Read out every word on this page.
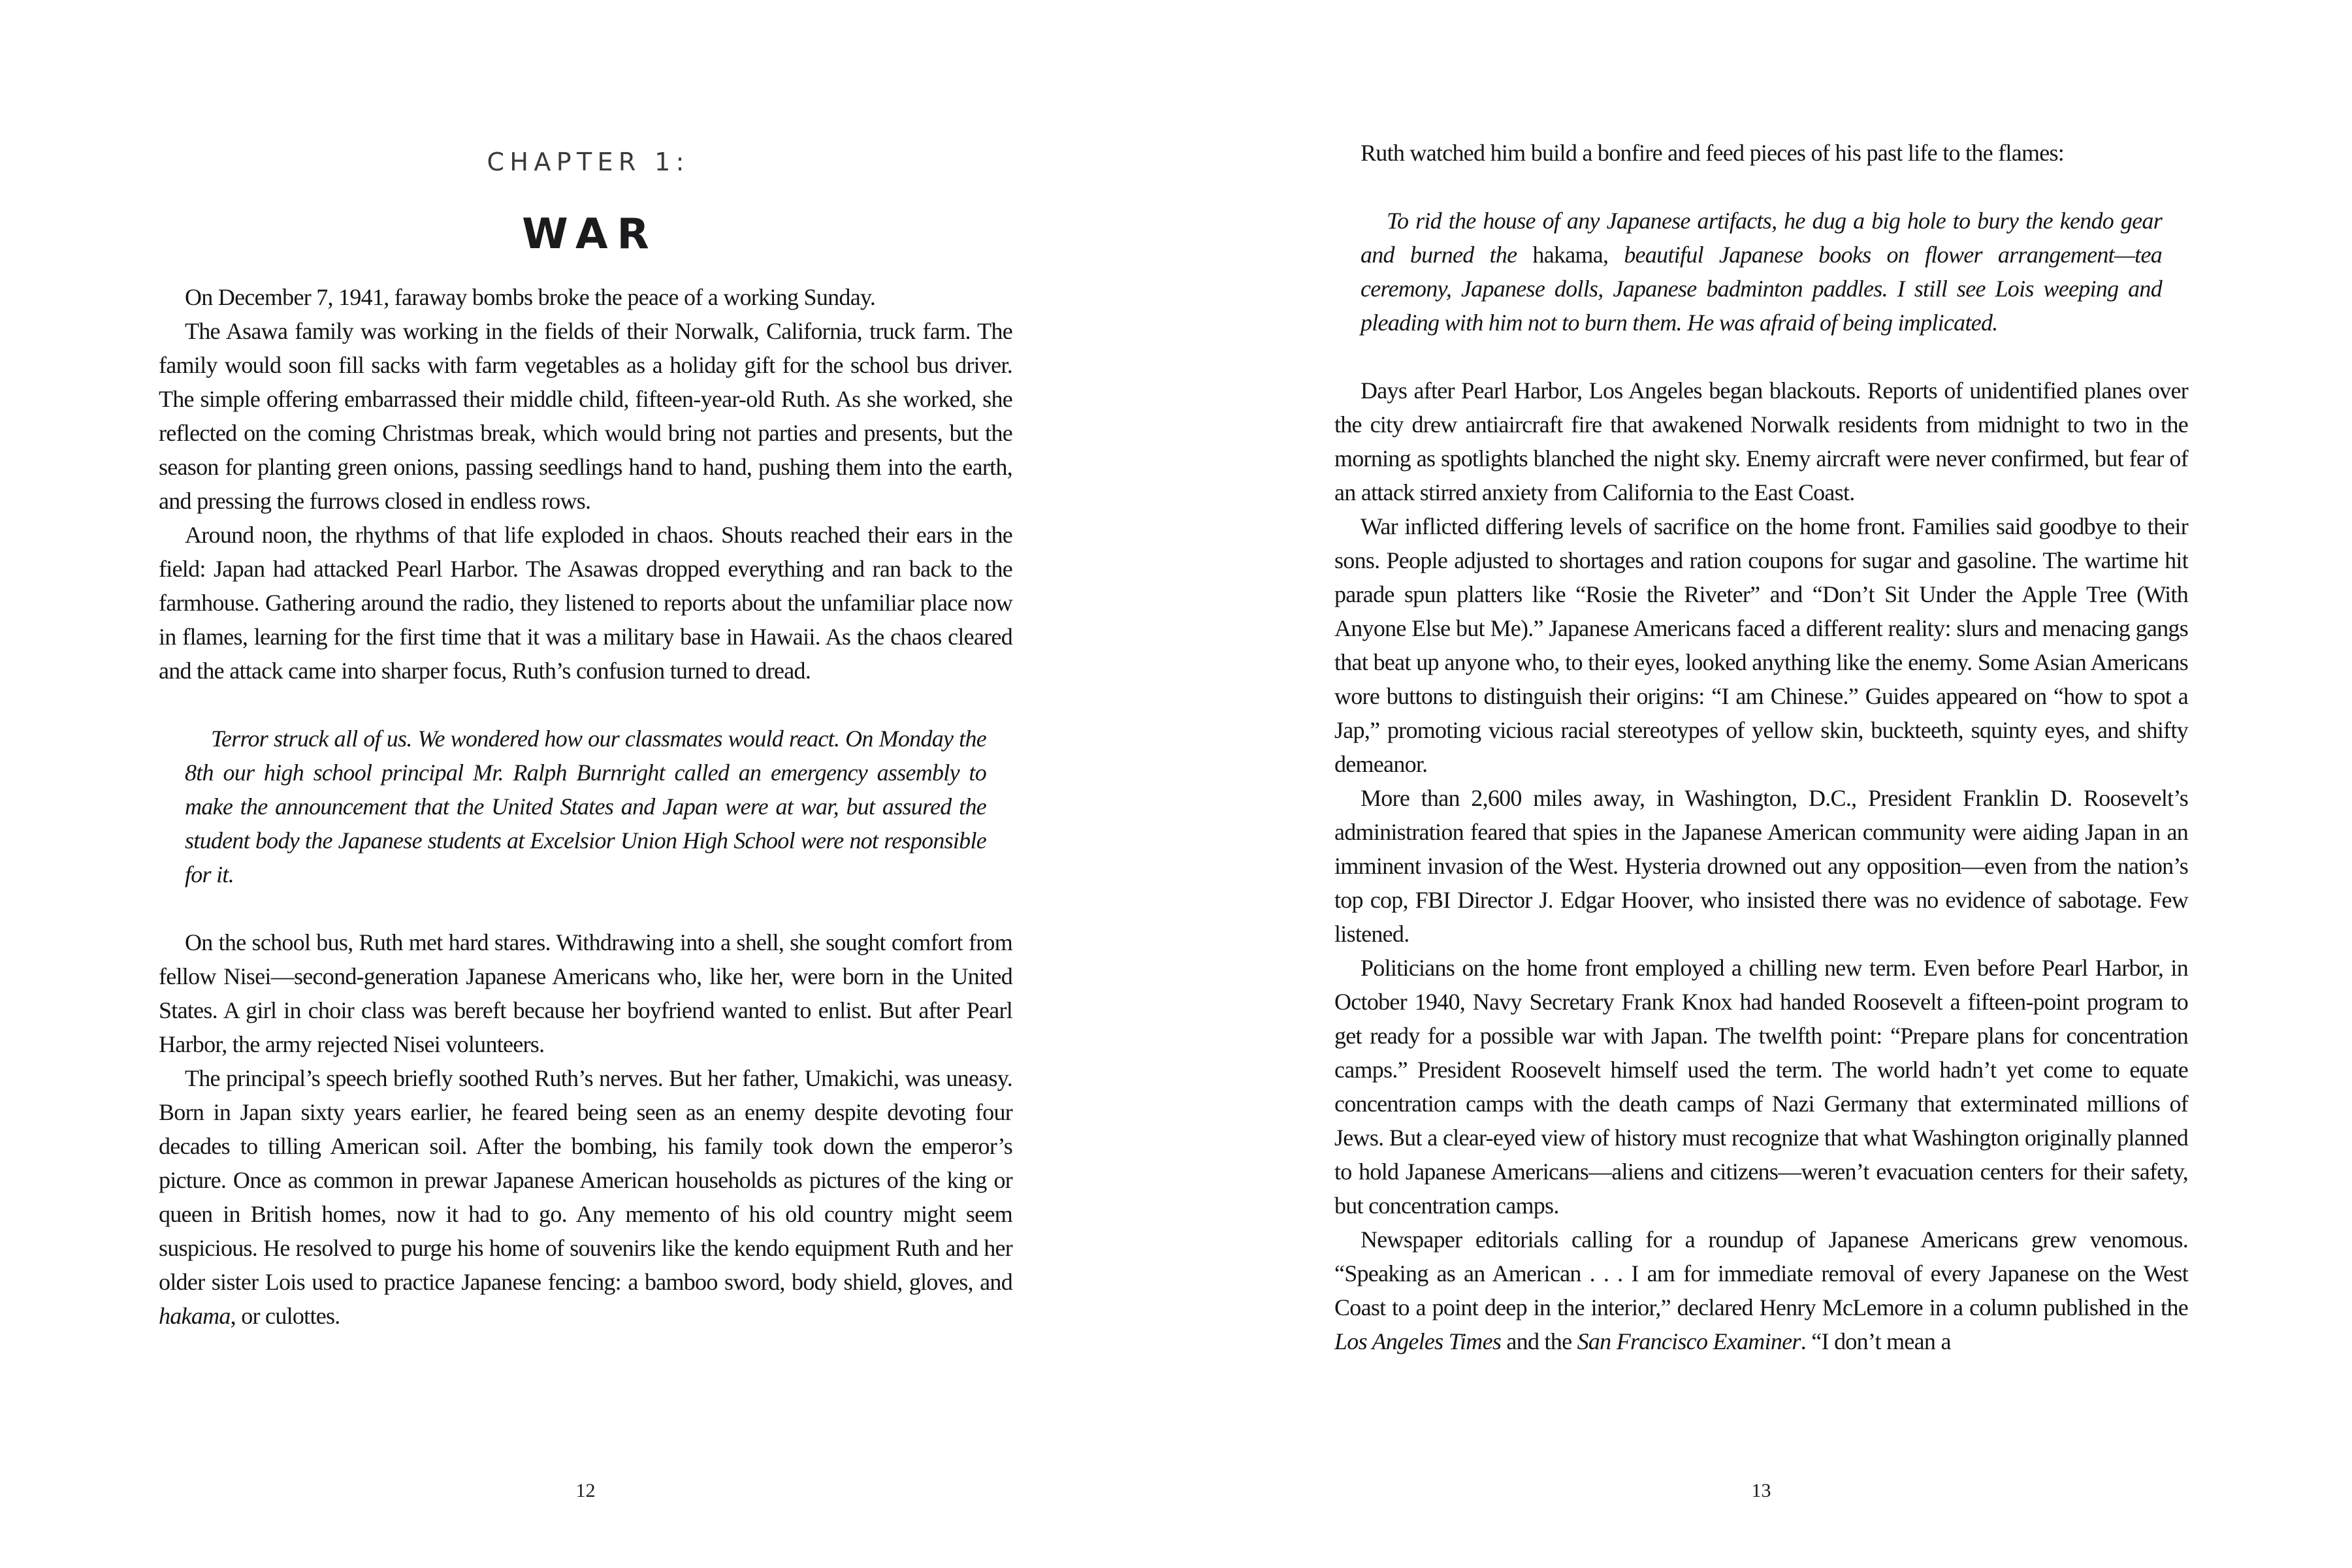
CHAPTER 1:
WAR

On December 7, 1941, faraway bombs broke the peace of a working Sunday.

The Asawa family was working in the fields of their Norwalk, California, truck farm. The family would soon fill sacks with farm vegetables as a holiday gift for the school bus driver. The simple offering embarrassed their middle child, fifteen-year-old Ruth. As she worked, she reflected on the coming Christmas break, which would bring not parties and presents, but the season for planting green onions, passing seedlings hand to hand, pushing them into the earth, and pressing the furrows closed in endless rows.

Around noon, the rhythms of that life exploded in chaos. Shouts reached their ears in the field: Japan had attacked Pearl Harbor. The Asawas dropped everything and ran back to the farmhouse. Gathering around the radio, they listened to reports about the unfamiliar place now in flames, learning for the first time that it was a military base in Hawaii. As the chaos cleared and the attack came into sharper focus, Ruth’s confusion turned to dread.

Terror struck all of us. We wondered how our classmates would react. On Monday the 8th our high school principal Mr. Ralph Burnright called an emergency assembly to make the announcement that the United States and Japan were at war, but assured the student body the Japanese students at Excelsior Union High School were not responsible for it.

On the school bus, Ruth met hard stares. Withdrawing into a shell, she sought comfort from fellow Nisei—second-generation Japanese Americans who, like her, were born in the United States. A girl in choir class was bereft because her boyfriend wanted to enlist. But after Pearl Harbor, the army rejected Nisei volunteers.

The principal’s speech briefly soothed Ruth’s nerves. But her father, Umakichi, was uneasy. Born in Japan sixty years earlier, he feared being seen as an enemy despite devoting four decades to tilling American soil. After the bombing, his family took down the emperor’s picture. Once as common in prewar Japanese American households as pictures of the king or queen in British homes, now it had to go. Any memento of his old country might seem suspicious. He resolved to purge his home of souvenirs like the kendo equipment Ruth and her older sister Lois used to practice Japanese fencing: a bamboo sword, body shield, gloves, and hakama, or culottes.

12

Ruth watched him build a bonfire and feed pieces of his past life to the flames:

To rid the house of any Japanese artifacts, he dug a big hole to bury the kendo gear and burned the hakama, beautiful Japanese books on flower arrangement—tea ceremony, Japanese dolls, Japanese badminton paddles. I still see Lois weeping and pleading with him not to burn them. He was afraid of being implicated.

Days after Pearl Harbor, Los Angeles began blackouts. Reports of unidentified planes over the city drew antiaircraft fire that awakened Norwalk residents from midnight to two in the morning as spotlights blanched the night sky. Enemy aircraft were never confirmed, but fear of an attack stirred anxiety from California to the East Coast.

War inflicted differing levels of sacrifice on the home front. Families said goodbye to their sons. People adjusted to shortages and ration coupons for sugar and gasoline. The wartime hit parade spun platters like “Rosie the Riveter” and “Don’t Sit Under the Apple Tree (With Anyone Else but Me).” Japanese Americans faced a different reality: slurs and menacing gangs that beat up anyone who, to their eyes, looked anything like the enemy. Some Asian Americans wore buttons to distinguish their origins: “I am Chinese.” Guides appeared on “how to spot a Jap,” promoting vicious racial stereotypes of yellow skin, buckteeth, squinty eyes, and shifty demeanor.

More than 2,600 miles away, in Washington, D.C., President Franklin D. Roosevelt’s administration feared that spies in the Japanese American community were aiding Japan in an imminent invasion of the West. Hysteria drowned out any opposition—even from the nation’s top cop, FBI Director J. Edgar Hoover, who insisted there was no evidence of sabotage. Few listened.

Politicians on the home front employed a chilling new term. Even before Pearl Harbor, in October 1940, Navy Secretary Frank Knox had handed Roosevelt a fifteen-point program to get ready for a possible war with Japan. The twelfth point: “Prepare plans for concentration camps.” President Roosevelt himself used the term. The world hadn’t yet come to equate concentration camps with the death camps of Nazi Germany that exterminated millions of Jews. But a clear-eyed view of history must recognize that what Washington originally planned to hold Japanese Americans—aliens and citizens—weren’t evacuation centers for their safety, but concentration camps.

Newspaper editorials calling for a roundup of Japanese Americans grew venomous. “Speaking as an American . . . I am for immediate removal of every Japanese on the West Coast to a point deep in the interior,” declared Henry McLemore in a column published in the Los Angeles Times and the San Francisco Examiner. “I don’t mean a

13
